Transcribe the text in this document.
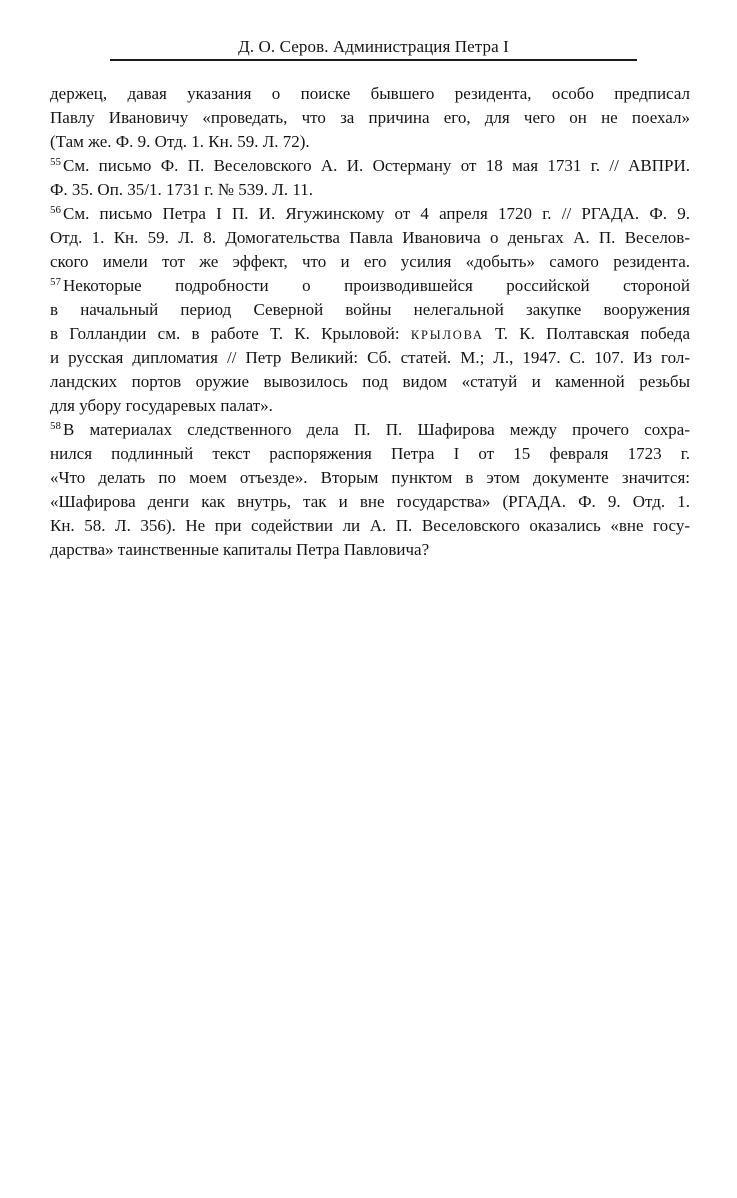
Д. О. Серов. Администрация Петра I
держец, давая указания о поиске бывшего резидента, особо предписал
Павлу Ивановичу «проведать, что за причина его, для чего он не поехал»
(Там же. Ф. 9. Отд. 1. Кн. 59. Л. 72).
$^{55}$ См. письмо Ф. П. Веселовского А. И. Остерману от 18 мая 1731 г. // АВПРИ.
Ф. 35. Оп. 35/1. 1731 г. № 539. Л. 11.
$^{56}$ См. письмо Петра I П. И. Ягужинскому от 4 апреля 1720 г. // РГАДА. Ф. 9.
Отд. 1. Кн. 59. Л. 8. Домогательства Павла Ивановича о деньгах А. П. Веселов-
ского имели тот же эффект, что и его усилия «добыть» самого резидента.
$^{57}$ Некоторые подробности о производившейся российской стороной
в начальный период Северной войны нелегальной закупке вооружения
в Голландии см. в работе Т. К. Крыловой: КРЫЛОВА Т. К. Полтавская победа
и русская дипломатия // Петр Великий: Сб. статей. М.; Л., 1947. С. 107. Из гол-
ландских портов оружие вывозилось под видом «статуй и каменной резьбы
для убору государевых палат».
$^{58}$ В материалах следственного дела П. П. Шафирова между прочего сохра-
нился подлинный текст распоряжения Петра I от 15 февраля 1723 г.
«Что делать по моем отъезде». Вторым пунктом в этом документе значится:
«Шафирова денги как внутрь, так и вне государства» (РГАДА. Ф. 9. Отд. 1.
Кн. 58. Л. 356). Не при содействии ли А. П. Веселовского оказались «вне госу-
дарства» таинственные капиталы Петра Павловича?
